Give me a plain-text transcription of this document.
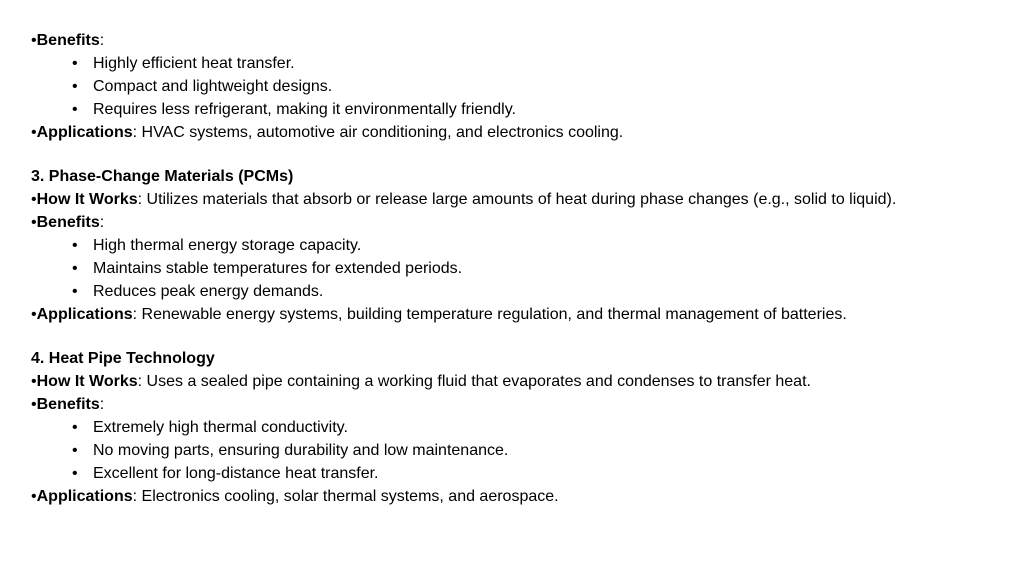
•Benefits:
• Highly efficient heat transfer.
• Compact and lightweight designs.
• Requires less refrigerant, making it environmentally friendly.
•Applications: HVAC systems, automotive air conditioning, and electronics cooling.
3. Phase-Change Materials (PCMs)
•How It Works: Utilizes materials that absorb or release large amounts of heat during phase changes (e.g., solid to liquid).
•Benefits:
• High thermal energy storage capacity.
• Maintains stable temperatures for extended periods.
• Reduces peak energy demands.
•Applications: Renewable energy systems, building temperature regulation, and thermal management of batteries.
4. Heat Pipe Technology
•How It Works: Uses a sealed pipe containing a working fluid that evaporates and condenses to transfer heat.
•Benefits:
• Extremely high thermal conductivity.
• No moving parts, ensuring durability and low maintenance.
• Excellent for long-distance heat transfer.
•Applications: Electronics cooling, solar thermal systems, and aerospace.
